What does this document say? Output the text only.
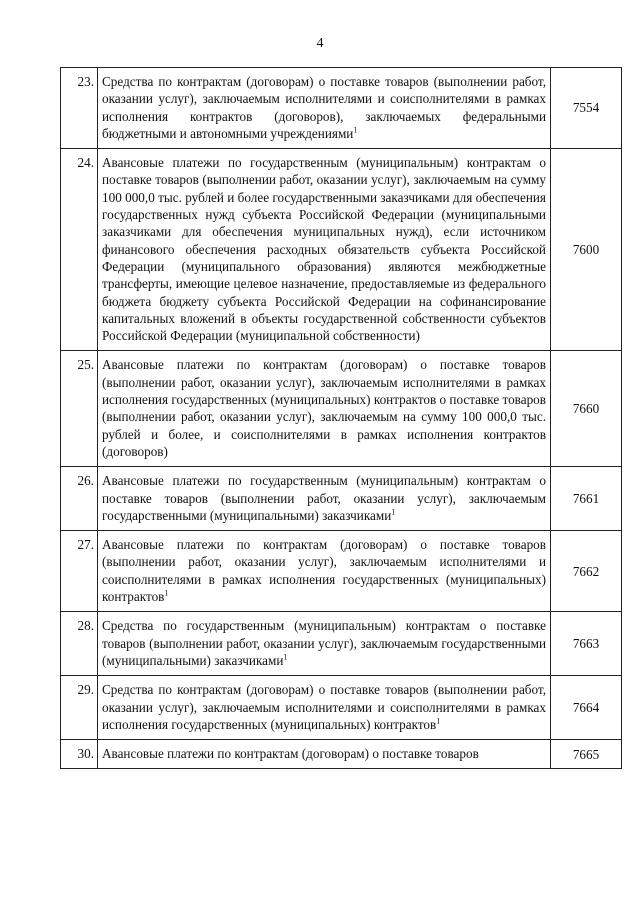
4
23.	Средства по контрактам (договорам) о поставке товаров (выполнении работ, оказании услуг), заключаемым исполнителями и соисполнителями в рамках исполнения контрактов (договоров), заключаемых федеральными бюджетными и автономными учреждениями$^1$	7554
24.	Авансовые платежи по государственным (муниципальным) контрактам о поставке товаров (выполнении работ, оказании услуг), заключаемым на сумму 100 000,0 тыс. рублей и более государственными заказчиками для обеспечения государственных нужд субъекта Российской Федерации (муниципальными заказчиками для обеспечения муниципальных нужд), если источником финансового обеспечения расходных обязательств субъекта Российской Федерации (муниципального образования) являются межбюджетные трансферты, имеющие целевое назначение, предоставляемые из федерального бюджета бюджету субъекта Российской Федерации на софинансирование капитальных вложений в объекты государственной собственности субъектов Российской Федерации (муниципальной собственности)	7600
25.	Авансовые платежи по контрактам (договорам) о поставке товаров (выполнении работ, оказании услуг), заключаемым исполнителями в рамках исполнения государственных (муниципальных) контрактов о поставке товаров (выполнении работ, оказании услуг), заключаемым на сумму 100 000,0 тыс. рублей и более, и соисполнителями в рамках исполнения контрактов (договоров)	7660
26.	Авансовые платежи по государственным (муниципальным) контрактам о поставке товаров (выполнении работ, оказании услуг), заключаемым государственными (муниципальными) заказчиками$^1$	7661
27.	Авансовые платежи по контрактам (договорам) о поставке товаров (выполнении работ, оказании услуг), заключаемым исполнителями и соисполнителями в рамках исполнения государственных (муниципальных) контрактов$^1$	7662
28.	Средства по государственным (муниципальным) контрактам о поставке товаров (выполнении работ, оказании услуг), заключаемым государственными (муниципальными) заказчиками$^1$	7663
29.	Средства по контрактам (договорам) о поставке товаров (выполнении работ, оказании услуг), заключаемым исполнителями и соисполнителями в рамках исполнения государственных (муниципальных) контрактов$^1$	7664
30.	Авансовые платежи по контрактам (договорам) о поставке товаров	7665
